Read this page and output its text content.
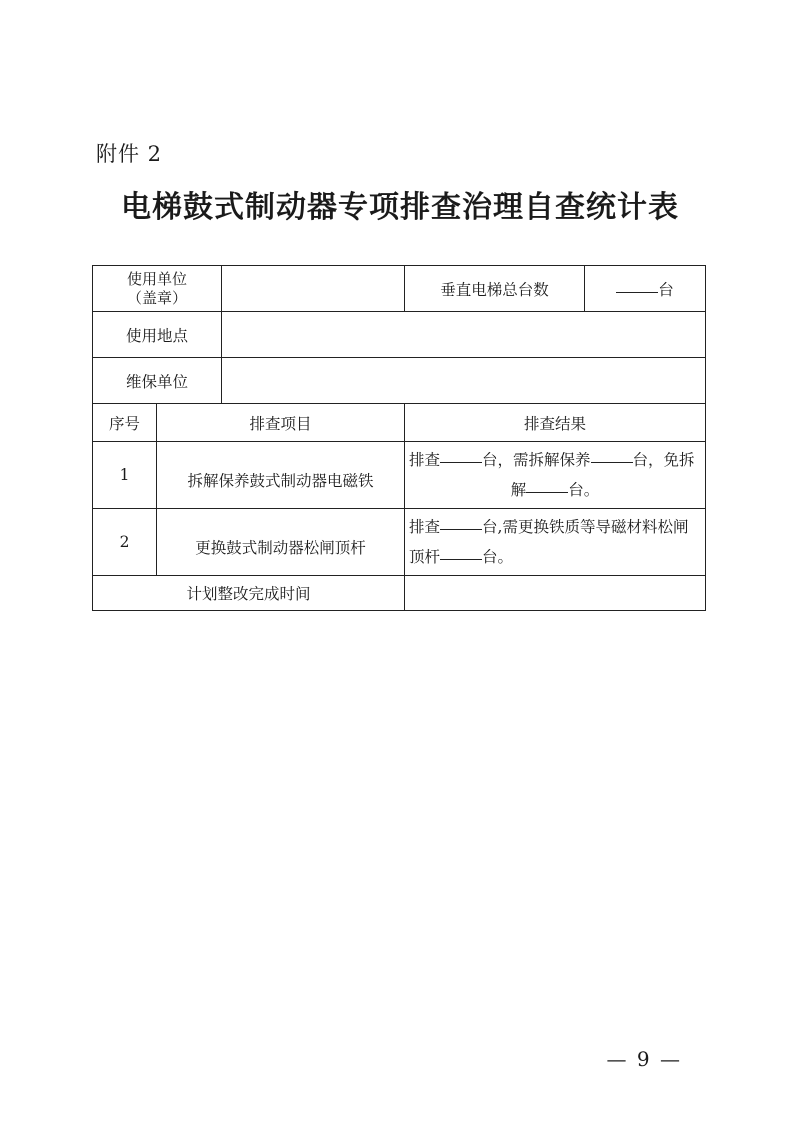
附件 2
电梯鼓式制动器专项排查治理自查统计表
使用单位
（盖章）			垂直电梯总台数	台
使用地点				
维保单位				
序号	排查项目		排查结果	
1	拆解保养鼓式制动器电磁铁		排查 台，需拆解保养 台，免拆
解 台。	
2	更换鼓式制动器松闸顶杆		排查 台,需更换铁质等导磁材料松闸
顶杆 台。	
计划整改完成时间				
— 9 —
